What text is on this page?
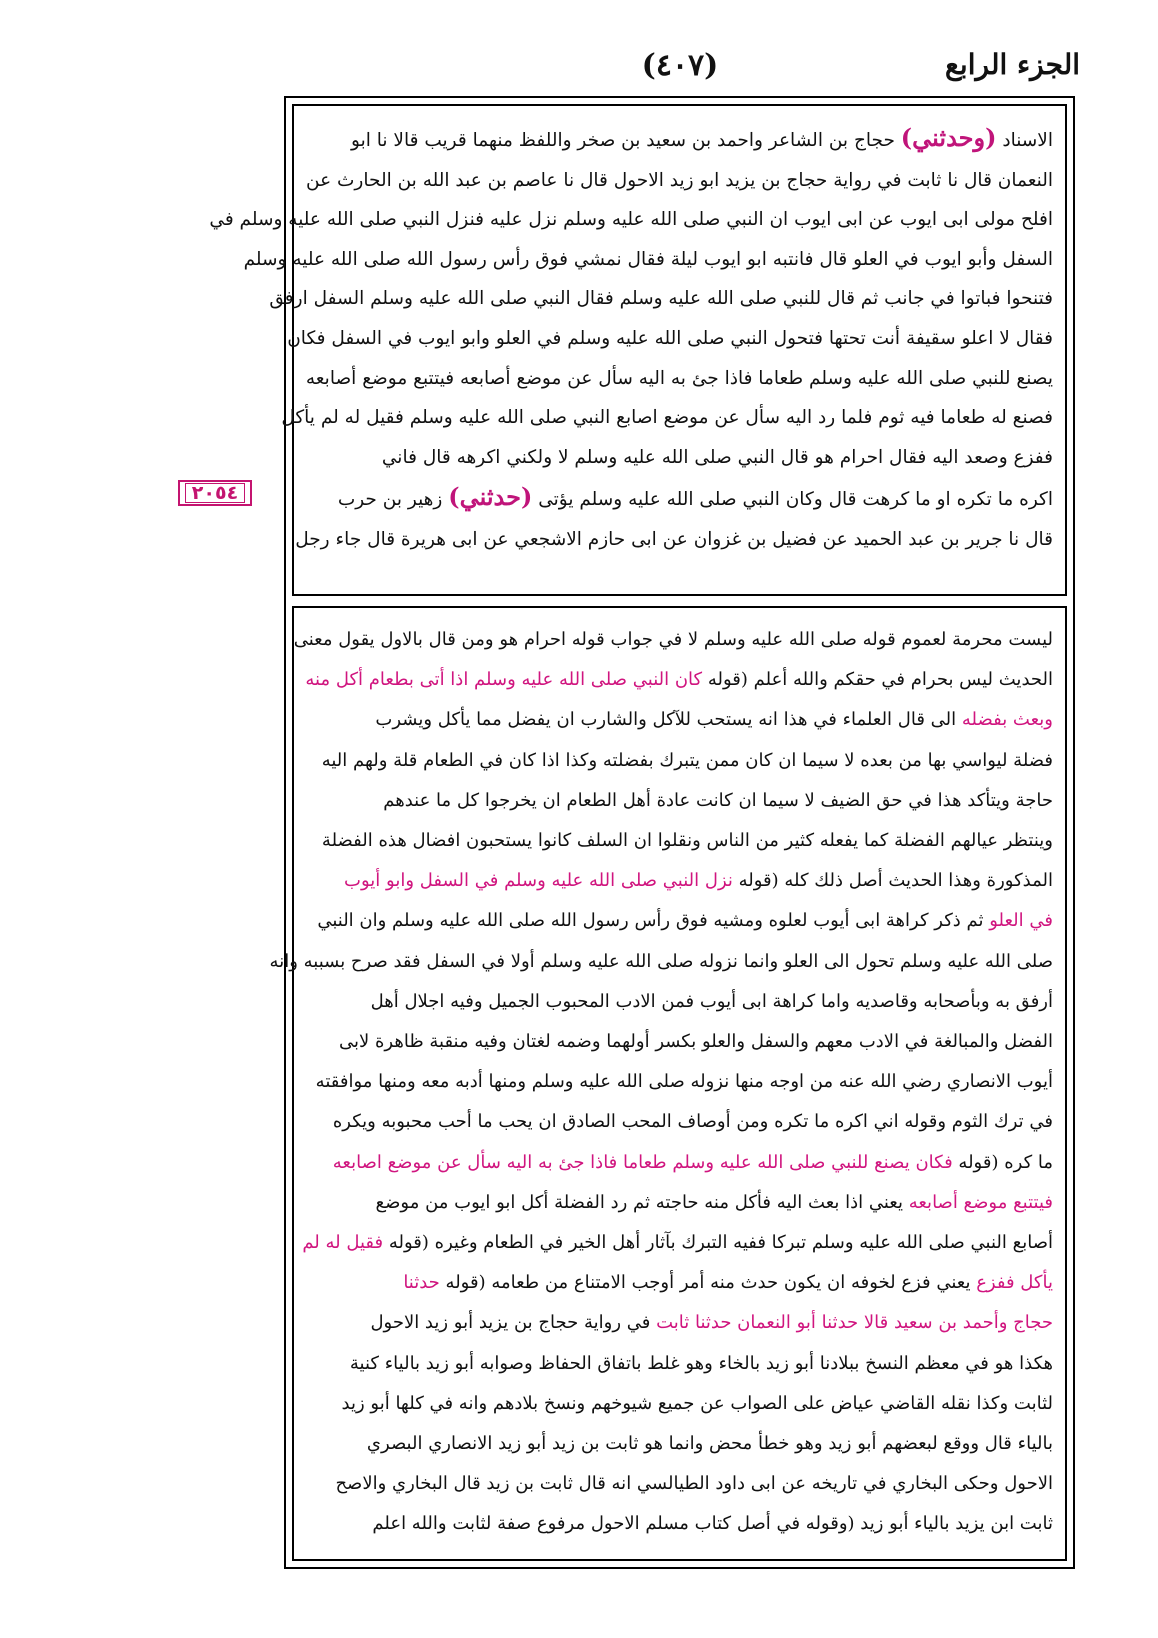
الجزء الرابع
(٤٠٧)
٢٠٥٤

الاسناد (وحدثني) حجاج بن الشاعر واحمد بن سعيد بن صخر واللفظ منهما قريب قالا نا ابو

النعمان قال نا ثابت في رواية حجاج بن يزيد ابو زيد الاحول قال نا عاصم بن عبد الله بن الحارث عن

افلح مولى ابى ايوب عن ابى ايوب ان النبي صلى الله عليه وسلم نزل عليه فنزل النبي صلى الله عليه وسلم في

السفل وأبو ايوب في العلو قال فانتبه ابو ايوب ليلة فقال نمشي فوق رأس رسول الله صلى الله عليه وسلم

فتنحوا فباتوا في جانب ثم قال للنبي صلى الله عليه وسلم فقال النبي صلى الله عليه وسلم السفل ارفق

فقال لا اعلو سقيفة أنت تحتها فتحول النبي صلى الله عليه وسلم في العلو وابو ايوب في السفل فكان

يصنع للنبي صلى الله عليه وسلم طعاما فاذا جئ به اليه سأل عن موضع أصابعه فيتتبع موضع أصابعه

فصنع له طعاما فيه ثوم فلما رد اليه سأل عن موضع اصابع النبي صلى الله عليه وسلم فقيل له لم يأكل

ففزع وصعد اليه فقال احرام هو قال النبي صلى الله عليه وسلم لا ولكني اكرهه قال فاني

اكره ما تكره او ما كرهت قال وكان النبي صلى الله عليه وسلم يؤتى (حدثني) زهير بن حرب

قال نا جرير بن عبد الحميد عن فضيل بن غزوان عن ابى حازم الاشجعي عن ابى هريرة قال جاء رجل

ليست محرمة لعموم قوله صلى الله عليه وسلم لا في جواب قوله احرام هو ومن قال بالاول يقول معنى

الحديث ليس بحرام في حقكم والله أعلم (قوله كان النبي صلى الله عليه وسلم اذا أتى بطعام أكل منه

وبعث بفضله الى قال العلماء في هذا انه يستحب للآكل والشارب ان يفضل مما يأكل ويشرب

فضلة ليواسي بها من بعده لا سيما ان كان ممن يتبرك بفضلته وكذا اذا كان في الطعام قلة ولهم اليه

حاجة ويتأكد هذا في حق الضيف لا سيما ان كانت عادة أهل الطعام ان يخرجوا كل ما عندهم

وينتظر عيالهم الفضلة كما يفعله كثير من الناس ونقلوا ان السلف كانوا يستحبون افضال هذه الفضلة

المذكورة وهذا الحديث أصل ذلك كله (قوله نزل النبي صلى الله عليه وسلم في السفل وابو أيوب

في العلو ثم ذكر كراهة ابى أيوب لعلوه ومشيه فوق رأس رسول الله صلى الله عليه وسلم وان النبي

صلى الله عليه وسلم تحول الى العلو وانما نزوله صلى الله عليه وسلم أولا في السفل فقد صرح بسببه وانه

أرفق به وبأصحابه وقاصديه واما كراهة ابى أيوب فمن الادب المحبوب الجميل وفيه اجلال أهل

الفضل والمبالغة في الادب معهم والسفل والعلو بكسر أولهما وضمه لغتان وفيه منقبة ظاهرة لابى

أيوب الانصاري رضي الله عنه من اوجه منها نزوله صلى الله عليه وسلم ومنها أدبه معه ومنها موافقته

في ترك الثوم وقوله اني اكره ما تكره ومن أوصاف المحب الصادق ان يحب ما أحب محبوبه ويكره

ما كره (قوله فكان يصنع للنبي صلى الله عليه وسلم طعاما فاذا جئ به اليه سأل عن موضع اصابعه

فيتتبع موضع أصابعه يعني اذا بعث اليه فأكل منه حاجته ثم رد الفضلة أكل ابو ايوب من موضع

أصابع النبي صلى الله عليه وسلم تبركا ففيه التبرك بآثار أهل الخير في الطعام وغيره (قوله فقيل له لم

يأكل ففزع يعني فزع لخوفه ان يكون حدث منه أمر أوجب الامتناع من طعامه (قوله حدثنا

حجاج وأحمد بن سعيد قالا حدثنا أبو النعمان حدثنا ثابت في رواية حجاج بن يزيد أبو زيد الاحول

هكذا هو في معظم النسخ ببلادنا أبو زيد بالخاء وهو غلط باتفاق الحفاظ وصوابه أبو زيد بالياء كنية

لثابت وكذا نقله القاضي عياض على الصواب عن جميع شيوخهم ونسخ بلادهم وانه في كلها أبو زيد

بالياء قال ووقع لبعضهم أبو زيد وهو خطأ محض وانما هو ثابت بن زيد أبو زيد الانصاري البصري

الاحول وحكى البخاري في تاريخه عن ابى داود الطيالسي انه قال ثابت بن زيد قال البخاري والاصح

ثابت ابن يزيد بالياء أبو زيد (وقوله في أصل كتاب مسلم الاحول مرفوع صفة لثابت والله اعلم
